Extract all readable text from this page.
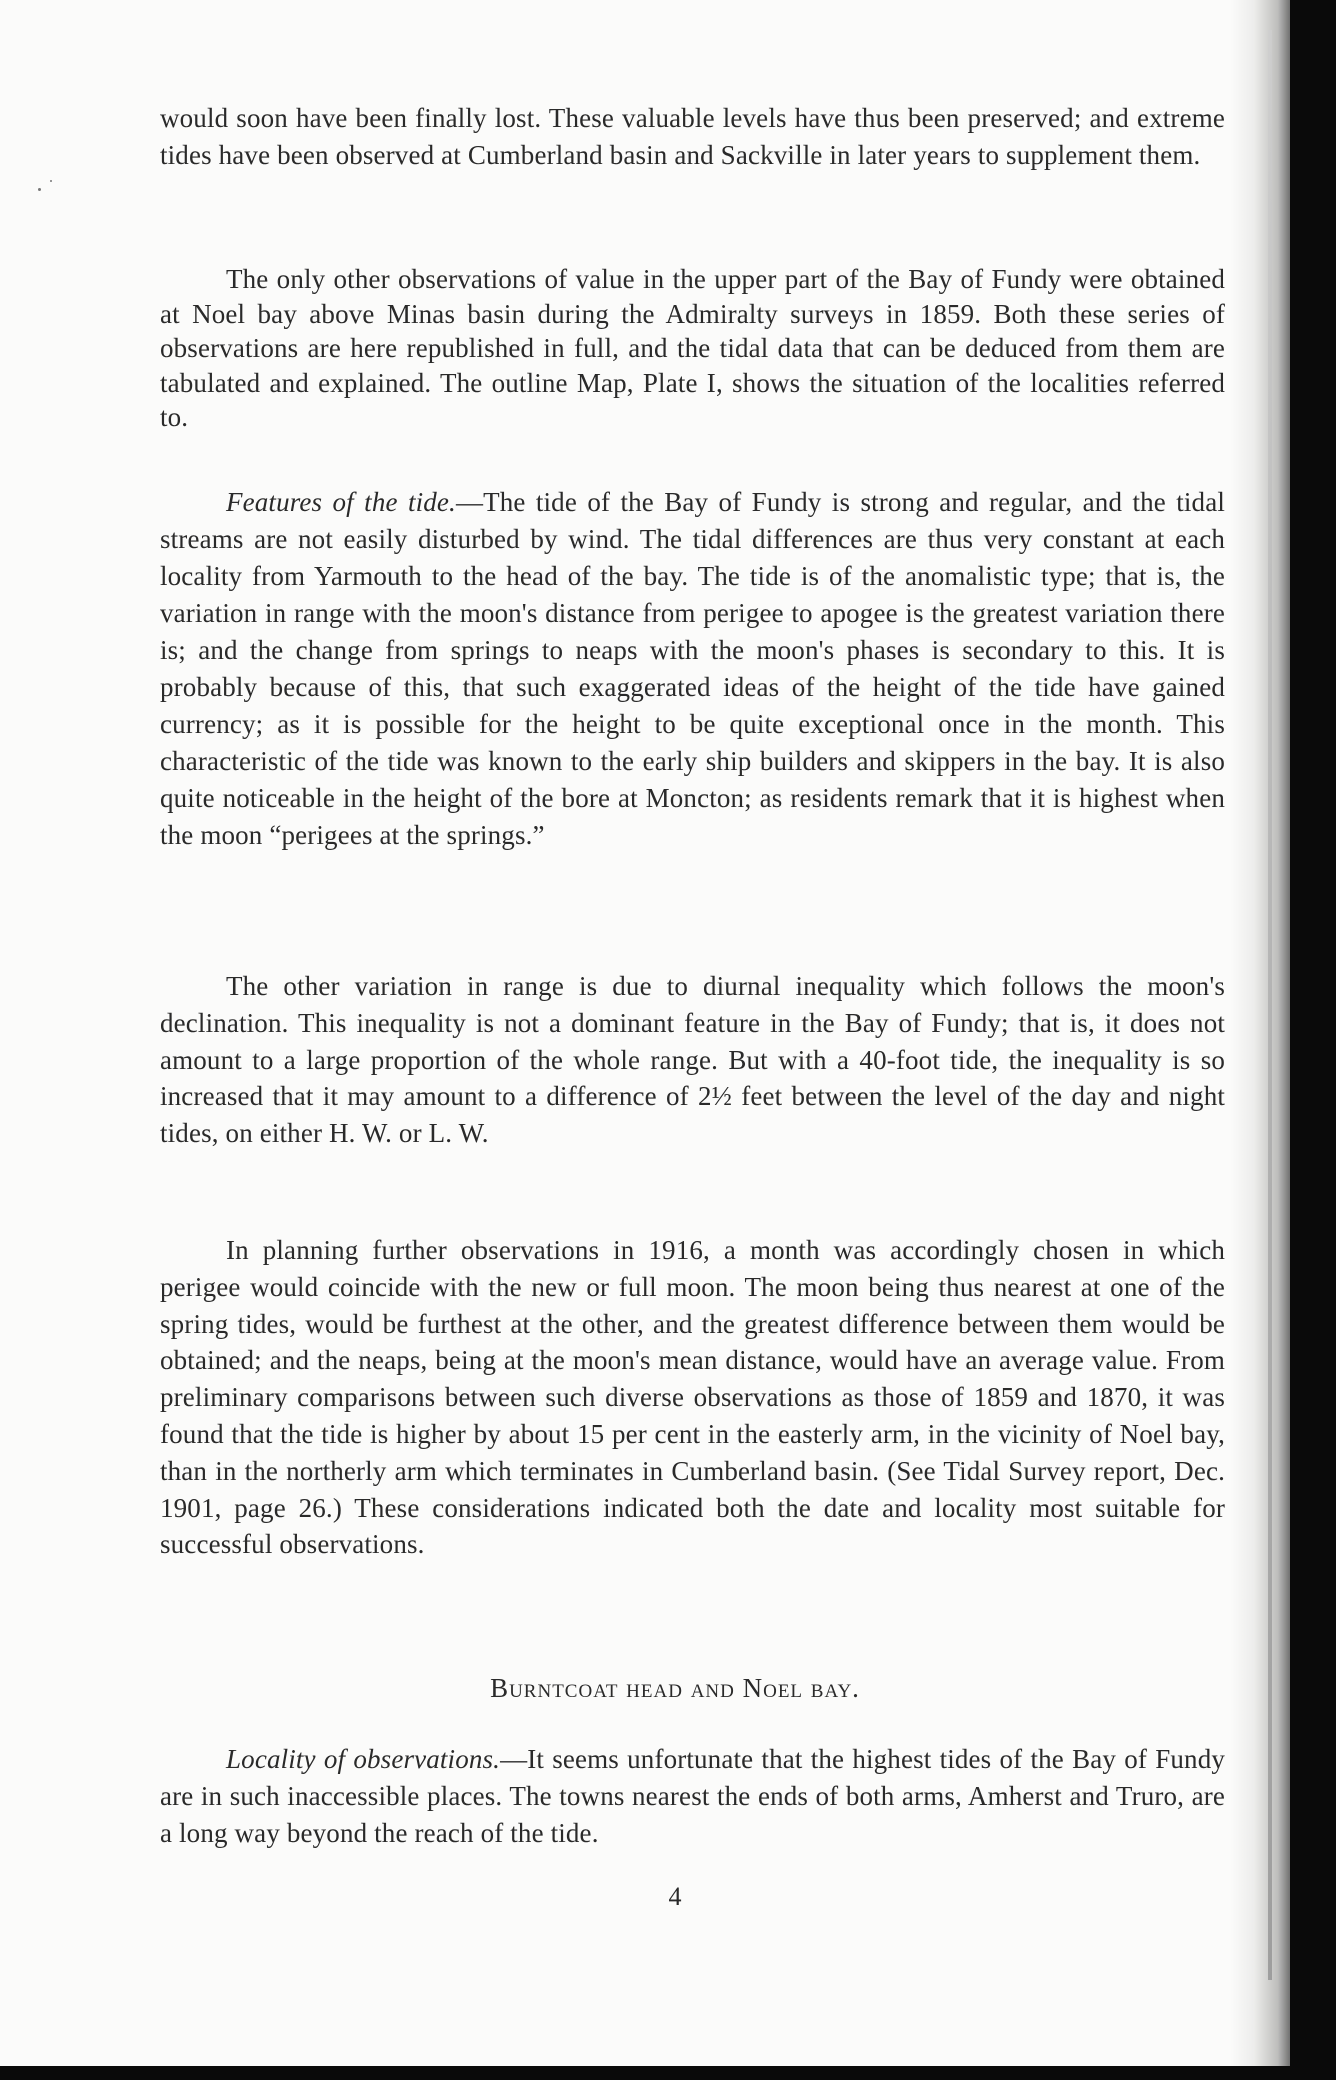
would soon have been finally lost. These valuable levels have thus been preserved; and extreme tides have been observed at Cumberland basin and Sackville in later years to supplement them.

The only other observations of value in the upper part of the Bay of Fundy were obtained at Noel bay above Minas basin during the Admiralty surveys in 1859. Both these series of observations are here republished in full, and the tidal data that can be deduced from them are tabulated and explained. The outline Map, Plate I, shows the situation of the localities referred to.

Features of the tide.—The tide of the Bay of Fundy is strong and regular, and the tidal streams are not easily disturbed by wind. The tidal differences are thus very constant at each locality from Yarmouth to the head of the bay. The tide is of the anomalistic type; that is, the variation in range with the moon's distance from perigee to apogee is the greatest variation there is; and the change from springs to neaps with the moon's phases is secondary to this. It is probably because of this, that such exaggerated ideas of the height of the tide have gained currency; as it is possible for the height to be quite exceptional once in the month. This characteristic of the tide was known to the early ship builders and skippers in the bay. It is also quite noticeable in the height of the bore at Moncton; as residents remark that it is highest when the moon “perigees at the springs.”

The other variation in range is due to diurnal inequality which follows the moon's declination. This inequality is not a dominant feature in the Bay of Fundy; that is, it does not amount to a large proportion of the whole range. But with a 40-foot tide, the inequality is so increased that it may amount to a difference of 2½ feet between the level of the day and night tides, on either H. W. or L. W.

In planning further observations in 1916, a month was accordingly chosen in which perigee would coincide with the new or full moon. The moon being thus nearest at one of the spring tides, would be furthest at the other, and the greatest difference between them would be obtained; and the neaps, being at the moon's mean distance, would have an average value. From preliminary comparisons between such diverse observations as those of 1859 and 1870, it was found that the tide is higher by about 15 per cent in the easterly arm, in the vicinity of Noel bay, than in the northerly arm which terminates in Cumberland basin. (See Tidal Survey report, Dec. 1901, page 26.) These considerations indicated both the date and locality most suitable for successful observations.

Burntcoat head and Noel bay.

Locality of observations.—It seems unfortunate that the highest tides of the Bay of Fundy are in such inaccessible places. The towns nearest the ends of both arms, Amherst and Truro, are a long way beyond the reach of the tide.

4
